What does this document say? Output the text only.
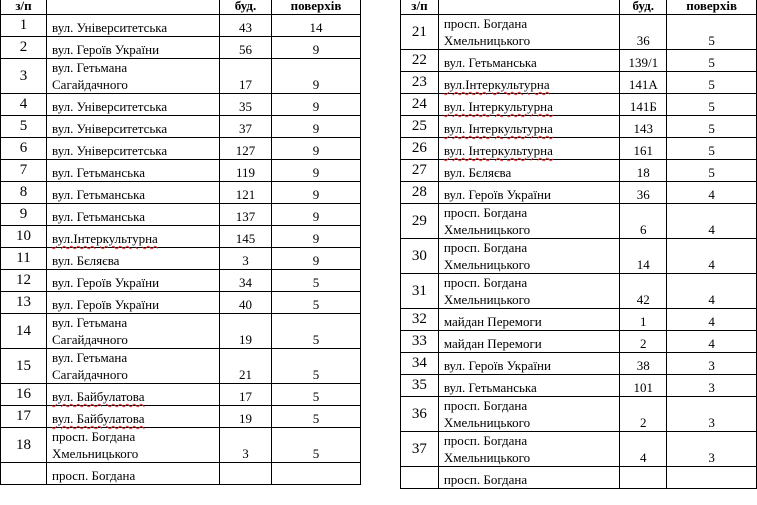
з/п		буд.	поверхів
1	вул. Університетська	43	14
2	вул. Героїв України	56	9
3	вул. Гетьмана
Сагайдачного	17	9
4	вул. Університетська	35	9
5	вул. Університетська	37	9
6	вул. Університетська	127	9
7	вул. Гетьманська	119	9
8	вул. Гетьманська	121	9
9	вул. Гетьманська	137	9
10	вул.Інтеркультурна	145	9
11	вул. Бєляєва	3	9
12	вул. Героїв України	34	5
13	вул. Героїв України	40	5
14	вул. Гетьмана
Сагайдачного	19	5
15	вул. Гетьмана
Сагайдачного	21	5
16	вул. Байбулатова	17	5
17	вул. Байбулатова	19	5
18	просп. Богдана
Хмельницького	3	5
	просп. Богдана		
з/п		буд.	поверхів
21	просп. Богдана
Хмельницького	36	5
22	вул. Гетьманська	139/1	5
23	вул.Інтеркультурна	141А	5
24	вул. Інтеркультурна	141Б	5
25	вул. Інтеркультурна	143	5
26	вул. Інтеркультурна	161	5
27	вул. Бєляєва	18	5
28	вул. Героїв України	36	4
29	просп. Богдана
Хмельницького	6	4
30	просп. Богдана
Хмельницького	14	4
31	просп. Богдана
Хмельницького	42	4
32	майдан Перемоги	1	4
33	майдан Перемоги	2	4
34	вул. Героїв України	38	3
35	вул. Гетьманська	101	3
36	просп. Богдана
Хмельницького	2	3
37	просп. Богдана
Хмельницького	4	3
	просп. Богдана		
